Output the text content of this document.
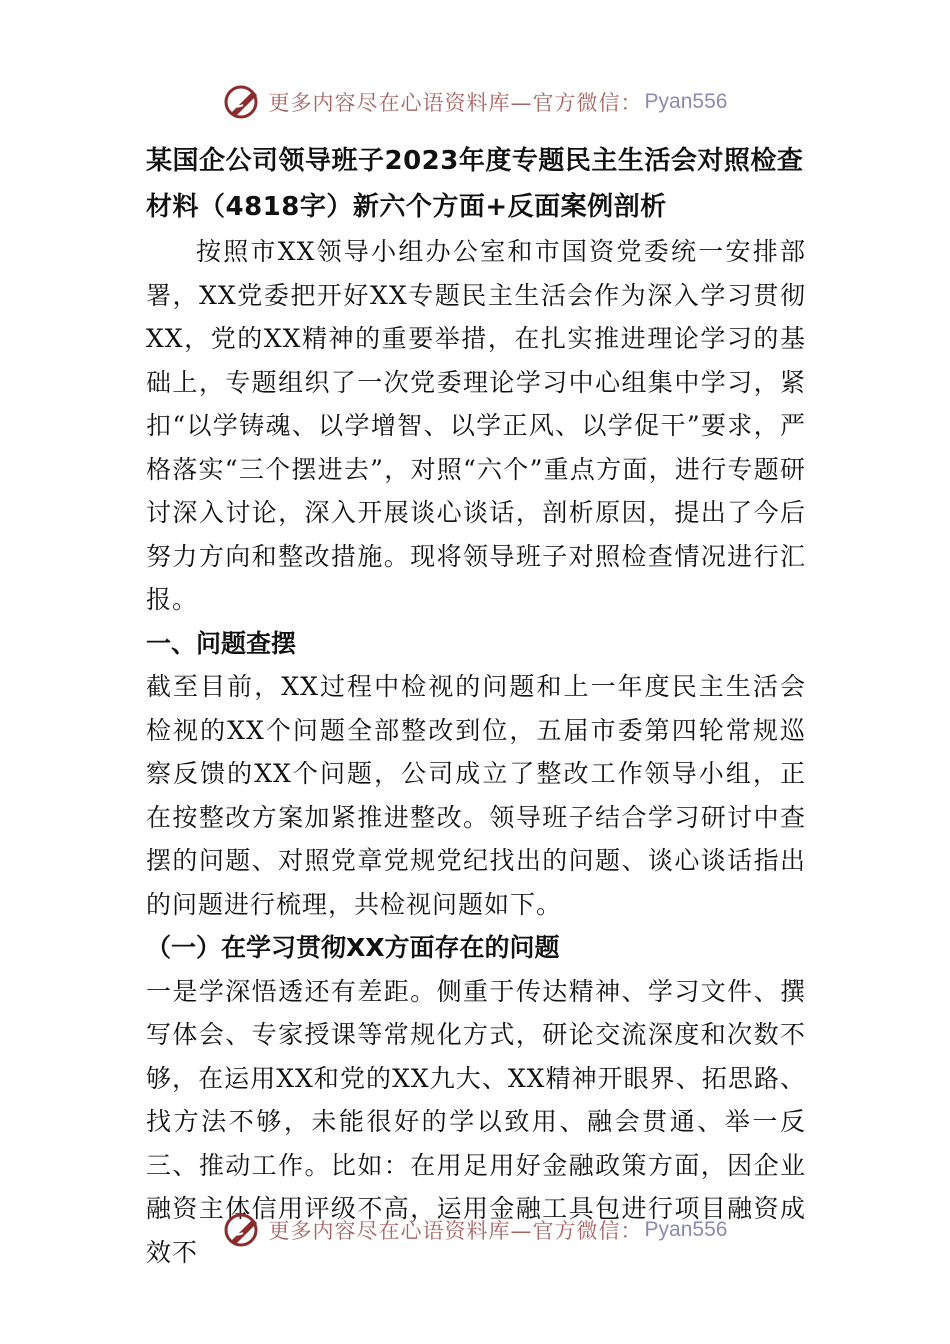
更多内容尽在心语资料库—官方微信： Pyan556
某国企公司领导班子2023年度专题民主生活会对照检查材料（4818字）新六个方面+反面案例剖析

按照市XX领导小组办公室和市国资党委统一安排部署，XX党委把开好XX专题民主生活会作为深入学习贯彻XX，党的XX精神的重要举措，在扎实推进理论学习的基础上，专题组织了一次党委理论学习中心组集中学习，紧扣“以学铸魂、以学增智、以学正风、以学促干”要求，严格落实“三个摆进去”，对照“六个”重点方面，进行专题研讨深入讨论，深入开展谈心谈话，剖析原因，提出了今后努力方向和整改措施。现将领导班子对照检查情况进行汇报。

一、问题查摆

截至目前，XX过程中检视的问题和上一年度民主生活会检视的XX个问题全部整改到位，五届市委第四轮常规巡察反馈的XX个问题，公司成立了整改工作领导小组，正在按整改方案加紧推进整改。领导班子结合学习研讨中查摆的问题、对照党章党规党纪找出的问题、谈心谈话指出的问题进行梳理，共检视问题如下。

（一）在学习贯彻XX方面存在的问题

一是学深悟透还有差距。侧重于传达精神、学习文件、撰写体会、专家授课等常规化方式，研论交流深度和次数不够，在运用XX和党的XX九大、XX精神开眼界、拓思路、找方法不够，未能很好的学以致用、融会贯通、举一反三、推动工作。比如：在用足用好金融政策方面，因企业融资主体信用评级不高，运用金融工具包进行项目融资成效不

更多内容尽在心语资料库—官方微信： Pyan556
